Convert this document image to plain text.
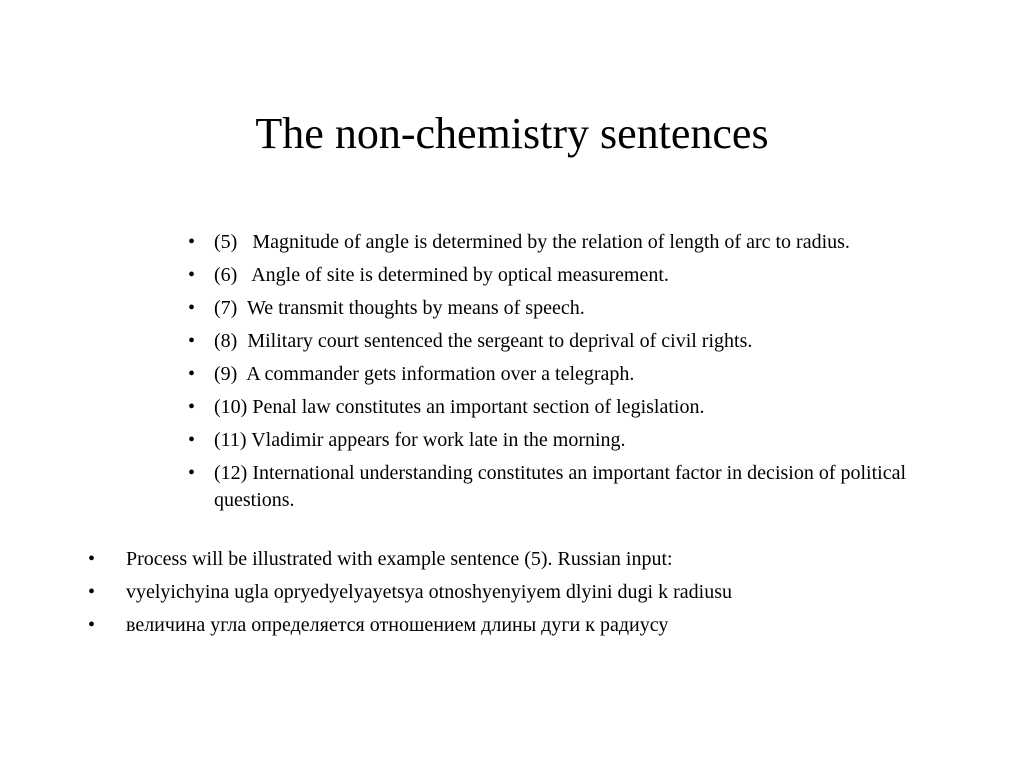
The non-chemistry sentences
• (5)   Magnitude of angle is determined by the relation of length of arc to radius.
• (6)   Angle of site is determined by optical measurement.
• (7)  We transmit thoughts by means of speech.
• (8)  Military court sentenced the sergeant to deprival of civil rights.
• (9)  A commander gets information over a telegraph.
• (10) Penal law constitutes an important section of legislation.
• (11) Vladimir appears for work late in the morning.
• (12) International understanding constitutes an important factor in decision of political questions.
• Process will be illustrated with example sentence (5). Russian input:
• vyelyichyina ugla opryedyelyayetsya otnoshyenyiyem dlyini dugi k radiusu
• величина угла определяется отношением длины дуги к радиусу
